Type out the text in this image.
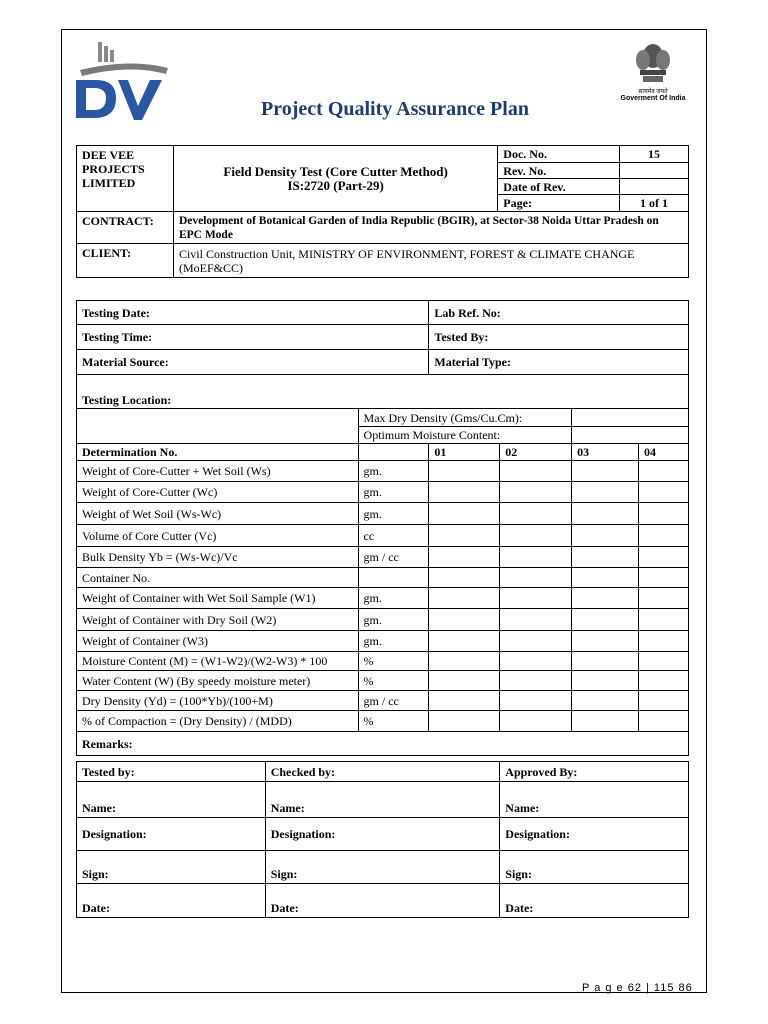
Project Quality Assurance Plan
सत्यमेव जयते
Goverment Of India
DEE VEE PROJECTS LIMITED	Field Density Test (Core Cutter Method)
IS:2720 (Part-29)	Doc. No.	15
		Rev. No.	
		Date of Rev.	
		Page:	1 of 1
CONTRACT:	Development of Botanical Garden of India Republic (BGIR), at Sector-38 Noida Uttar Pradesh on EPC Mode		
CLIENT:	Civil Construction Unit, MINISTRY OF ENVIRONMENT, FOREST & CLIMATE CHANGE (MoEF&CC)		
Testing Date:		Lab Ref. No:			
Testing Time:		Tested By:			
Material Source:		Material Type:			
Testing Location:					
	Max Dry Density (Gms/Cu.Cm):				
	Optimum Moisture Content:				
Determination No.		01	02	03	04
Weight of Core-Cutter + Wet Soil (Ws)	gm.				
Weight of Core-Cutter (Wc)	gm.				
Weight of Wet Soil (Ws-Wc)	gm.				
Volume of Core Cutter (Vc)	cc				
Bulk Density Yb = (Ws-Wc)/Vc	gm / cc				
Container No.					
Weight of Container with Wet Soil Sample (W1)	gm.				
Weight of Container with Dry Soil (W2)	gm.				
Weight of Container (W3)	gm.				
Moisture Content (M) = (W1-W2)/(W2-W3) * 100	%				
Water Content (W) (By speedy moisture meter)	%				
Dry Density (Yd) = (100*Yb)/(100+M)	gm / cc				
% of Compaction = (Dry Density) / (MDD)	%				
Remarks:					
Tested by:	Checked by:	Approved By:
Name:	Name:	Name:
Designation:	Designation:	Designation:
Sign:	Sign:	Sign:
Date:	Date:	Date:
P a g e 62 | 115 86
